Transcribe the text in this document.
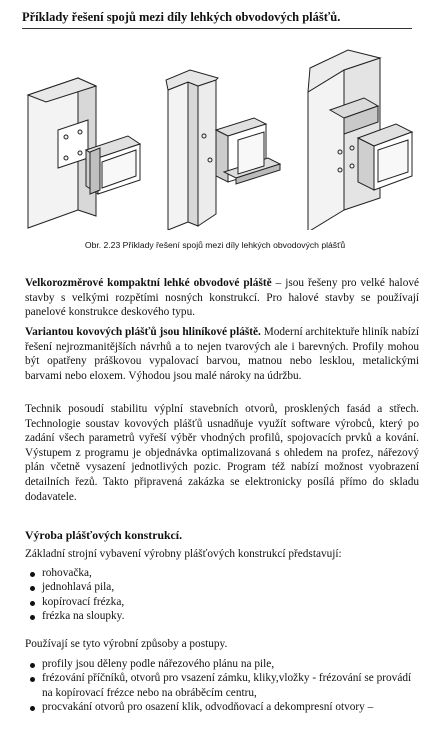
Příklady řešení spojů mezi díly lehkých obvodových plášťů.
Obr. 2.23 Příklady řešení spojů mezi díly lehkých obvodových plášťů

Velkorozměrové kompaktní lehké obvodové pláště – jsou řešeny pro velké halové stavby s velkými rozpětími nosných konstrukcí. Pro halové stavby se používají panelové konstrukce deskového typu.

Variantou kovových plášťů jsou hliníkové pláště. Moderní architektuře hliník nabízí řešení nejrozmanitějších návrhů a to nejen tvarových ale i barevných. Profily mohou být opatřeny práškovou vypalovací barvou, matnou nebo lesklou, metalickými barvami nebo eloxem. Výhodou jsou malé nároky na údržbu.

Technik posoudí stabilitu výplní stavebních otvorů, prosklených fasád a střech. Technologie soustav kovových plášťů usnadňuje využít software výrobců, který po zadání všech parametrů vyřeší výběr vhodných profilů, spojovacích prvků a kování. Výstupem z programu je objednávka optimalizovaná s ohledem na profez, nářezový plán včetně vysazení jednotlivých pozic. Program též nabízí možnost vyobrazení detailních řezů. Takto připravená zakázka se elektronicky posílá přímo do skladu dodavatele.

Výroba plášťových konstrukcí.

Základní strojní vybavení výrobny plášťových konstrukcí představují:

rohovačka,
jednohlavá pila,
kopírovací frézka,
frézka na sloupky.

Používají se tyto výrobní způsoby a postupy.

profily jsou děleny podle nářezového plánu na pile,
frézování příčníků, otvorů pro vsazení zámku, kliky,vložky - frézování se provádí na kopírovací frézce nebo na obráběcím centru,
procvakání otvorů pro osazení klik, odvodňovací a dekompresní otvory –
